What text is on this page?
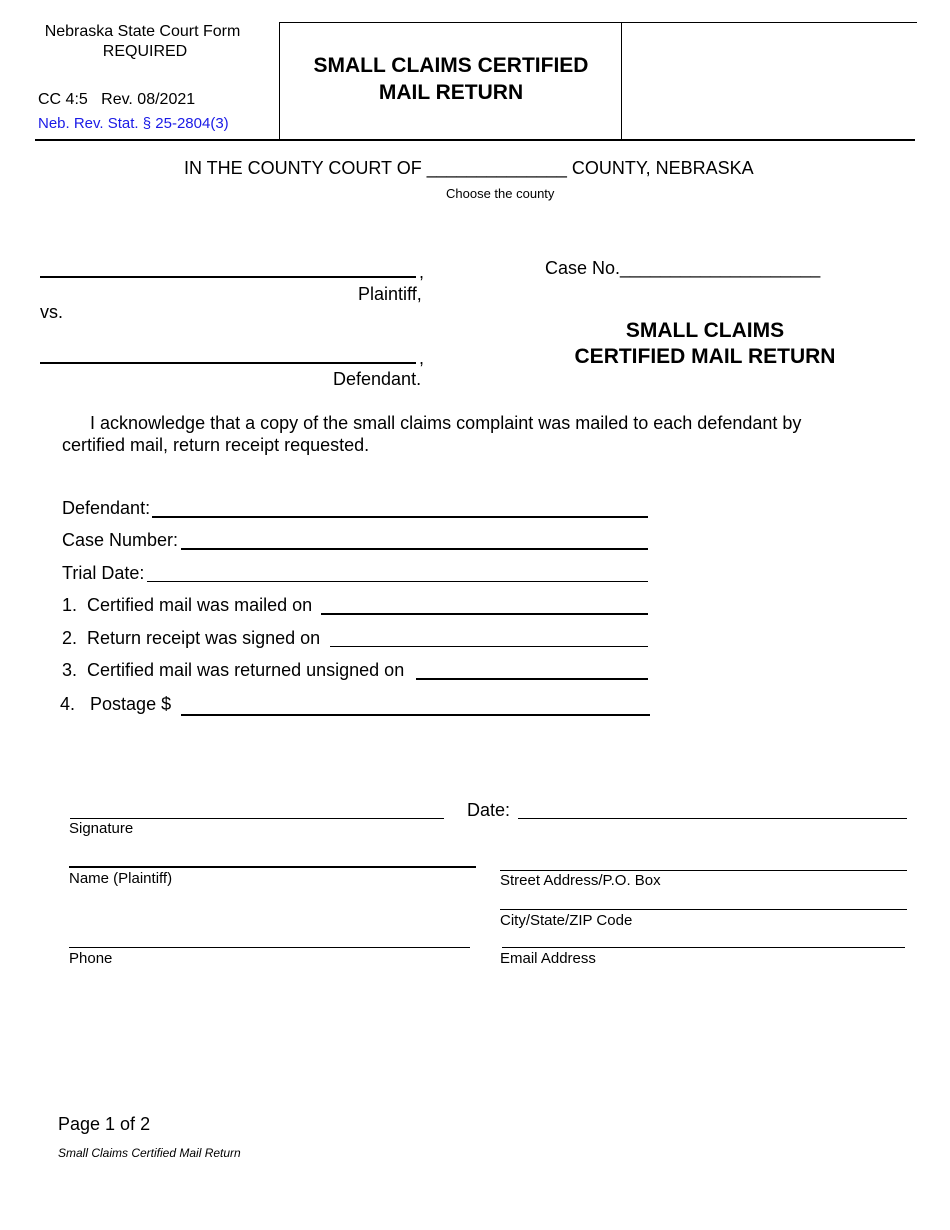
Nebraska State Court Form
REQUIRED
CC 4:5 Rev. 08/2021
Neb. Rev. Stat. § 25-2804(3)
SMALL CLAIMS CERTIFIED
MAIL RETURN
IN THE COUNTY COURT OF ______________ COUNTY, NEBRASKA
Choose the county
,
Plaintiff,
vs.
,
Defendant.
Case No.____________________
SMALL CLAIMS
CERTIFIED MAIL RETURN
I acknowledge that a copy of the small claims complaint was mailed to each defendant by
certified mail, return receipt requested.
Defendant:
Case Number:
Trial Date:
1. Certified mail was mailed on
2. Return receipt was signed on
3. Certified mail was returned unsigned on
4. Postage $
Signature
Date:
Name (Plaintiff)	Street Address/P.O. Box
City/State/ZIP Code
Phone	Email Address
Page 1 of 2
Small Claims Certified Mail Return
